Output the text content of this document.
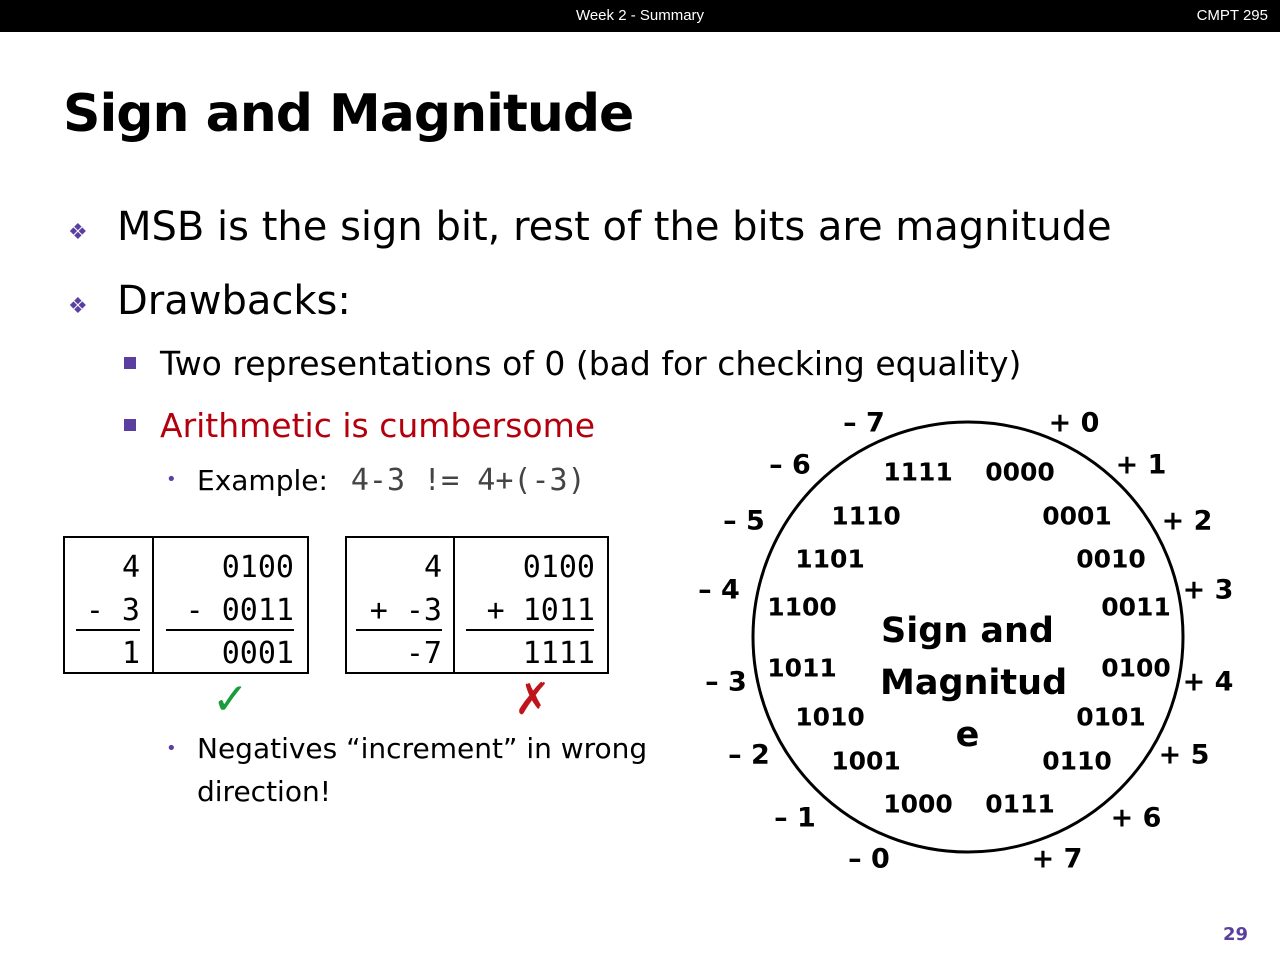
Week 2 - Summary	CMPT 295
Sign and Magnitude
❖ MSB is the sign bit, rest of the bits are magnitude
❖ Drawbacks:
Two representations of 0 (bad for checking equality)
Arithmetic is cumbersome
• Example: 4-3 != 4+(-3)
4
- 3
1
0100
- 0011
0001
✓
4
+ -3
-7
0100
+ 1011
1111
✗
• Negatives “increment” in wrong
direction!
0000
0001
0010
0011
0100
0101
0110
0111
1000
1001
1010
1011
1100
1101
1110
1111
+ 0
+ 1
+ 2
+ 3
+ 4
+ 5
+ 6
+ 7
– 0
– 1
– 2
– 3
– 4
– 5
– 6
– 7
Sign and
Magnitud
e
29
